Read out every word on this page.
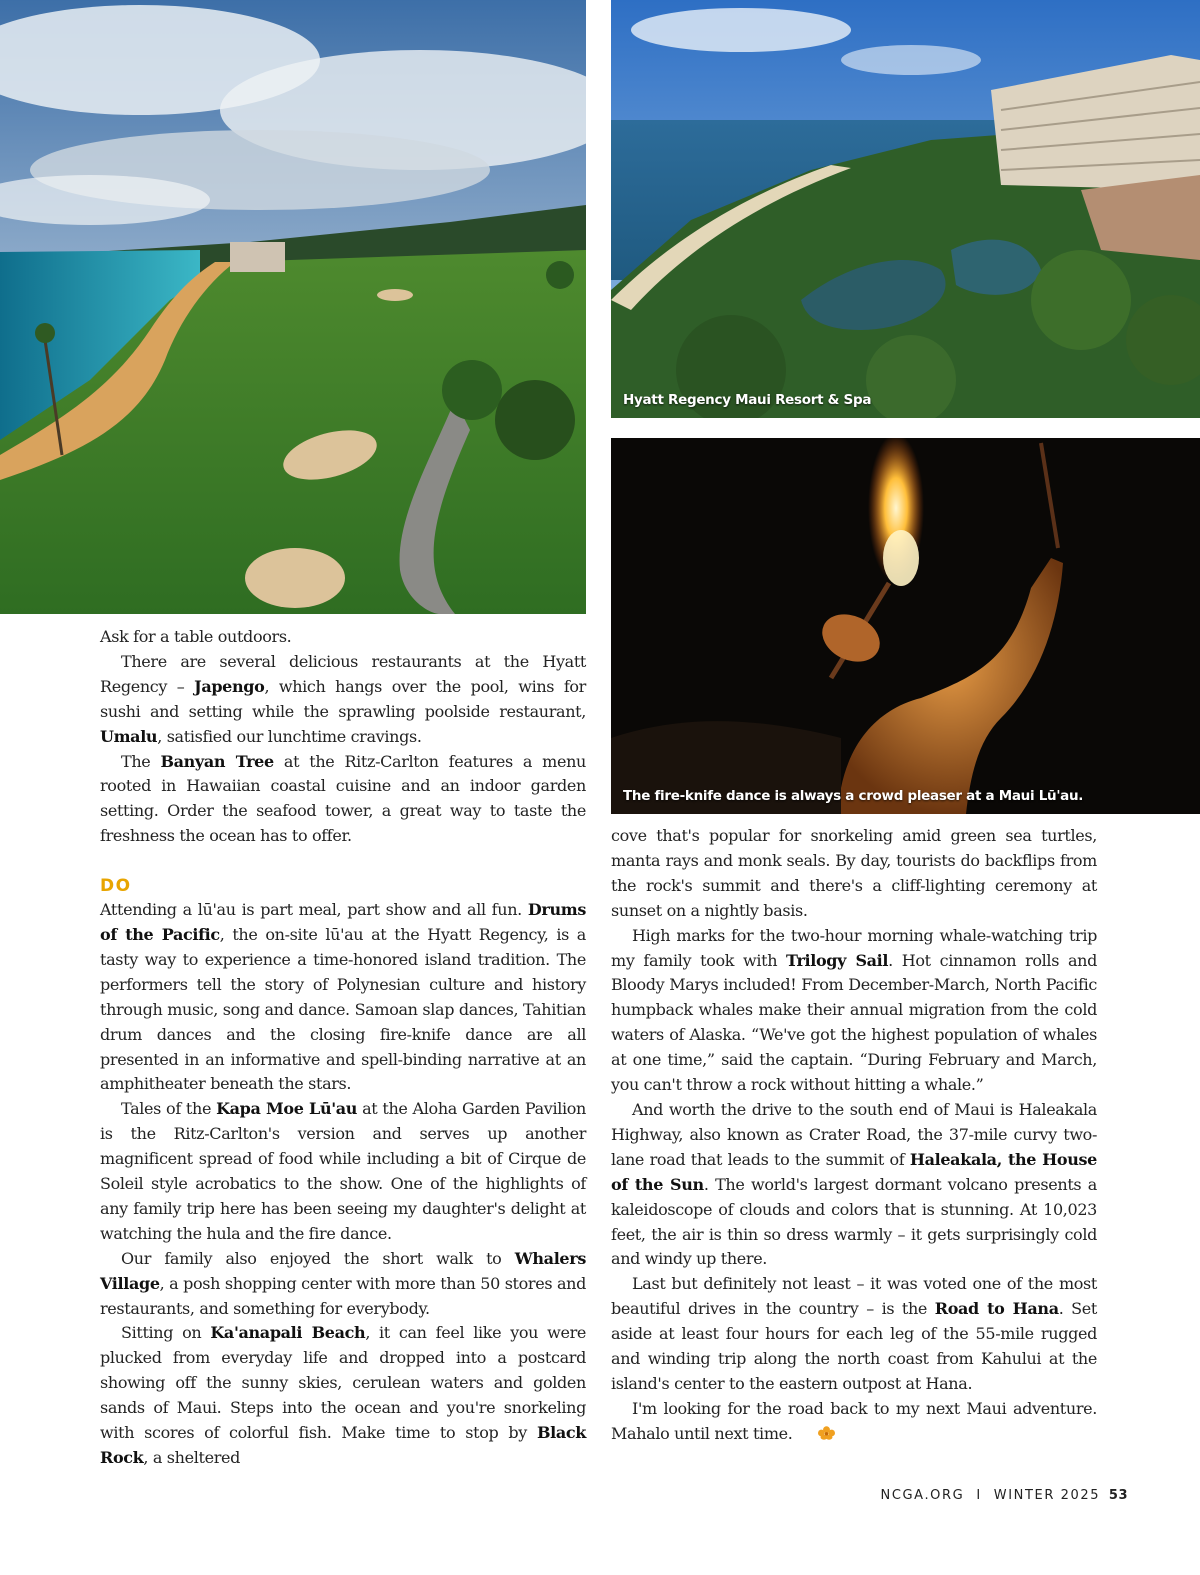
Hyatt Regency Maui Resort & Spa
The fire-knife dance is always a crowd pleaser at a Maui Lū'au.

Ask for a table outdoors.

There are several delicious restaurants at the Hyatt Regency – Japengo, which hangs over the pool, wins for sushi and setting while the sprawling poolside restaurant, Umalu, satisfied our lunchtime cravings.

The Banyan Tree at the Ritz-Carlton features a menu rooted in Hawaiian coastal cuisine and an indoor garden setting. Order the seafood tower, a great way to taste the freshness the ocean has to offer.

DO

Attending a lū'au is part meal, part show and all fun. Drums of the Pacific, the on-site lū'au at the Hyatt Regency, is a tasty way to experience a time-honored island tradition. The performers tell the story of Polynesian culture and history through music, song and dance. Samoan slap dances, Tahitian drum dances and the closing fire-knife dance are all presented in an informative and spell-binding narrative at an amphitheater beneath the stars.

Tales of the Kapa Moe Lū'au at the Aloha Garden Pavilion is the Ritz-Carlton's version and serves up another magnificent spread of food while including a bit of Cirque de Soleil style acrobatics to the show. One of the highlights of any family trip here has been seeing my daughter's delight at watching the hula and the fire dance.

Our family also enjoyed the short walk to Whalers Village, a posh shopping center with more than 50 stores and restaurants, and something for everybody.

Sitting on Ka'anapali Beach, it can feel like you were plucked from everyday life and dropped into a postcard showing off the sunny skies, cerulean waters and golden sands of Maui. Steps into the ocean and you're snorkeling with scores of colorful fish. Make time to stop by Black Rock, a sheltered

cove that's popular for snorkeling amid green sea turtles, manta rays and monk seals. By day, tourists do backflips from the rock's summit and there's a cliff-lighting ceremony at sunset on a nightly basis.

High marks for the two-hour morning whale-watching trip my family took with Trilogy Sail. Hot cinnamon rolls and Bloody Marys included! From December-March, North Pacific humpback whales make their annual migration from the cold waters of Alaska. “We've got the highest population of whales at one time,” said the captain. “During February and March, you can't throw a rock without hitting a whale.”

And worth the drive to the south end of Maui is Haleakala Highway, also known as Crater Road, the 37-mile curvy two-lane road that leads to the summit of Haleakala, the House of the Sun. The world's largest dormant volcano presents a kaleidoscope of clouds and colors that is stunning. At 10,023 feet, the air is thin so dress warmly – it gets surprisingly cold and windy up there.

Last but definitely not least – it was voted one of the most beautiful drives in the country – is the Road to Hana. Set aside at least four hours for each leg of the 55-mile rugged and winding trip along the north coast from Kahului at the island's center to the eastern outpost at Hana.

I'm looking for the road back to my next Maui adventure. Mahalo until next time.

NCGA.ORG I WINTER 2025 53
